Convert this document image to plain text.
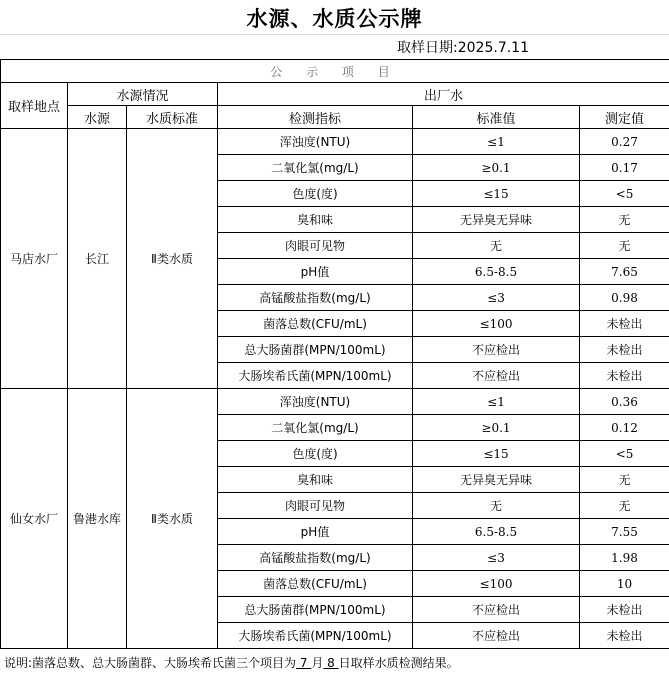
水源、水质公示牌
取样日期:2025.7.11
公 示 项 目					
取样地点	水源情况		出厂水		
	水源	水质标准	检测指标	标准值	测定值
马店水厂	长江	Ⅱ类水质	浑浊度(NTU)	≤1	0.27
			二氧化氯(mg/L)	≥0.1	0.17
			色度(度)	≤15	<5
			臭和味	无异臭无异味	无
			肉眼可见物	无	无
			pH值	6.5-8.5	7.65
			高锰酸盐指数(mg/L)	≤3	0.98
			菌落总数(CFU/mL)	≤100	未检出
			总大肠菌群(MPN/100mL)	不应检出	未检出
			大肠埃希氏菌(MPN/100mL)	不应检出	未检出
仙女水厂	鲁港水库	Ⅱ类水质	浑浊度(NTU)	≤1	0.36
			二氧化氯(mg/L)	≥0.1	0.12
			色度(度)	≤15	<5
			臭和味	无异臭无异味	无
			肉眼可见物	无	无
			pH值	6.5-8.5	7.55
			高锰酸盐指数(mg/L)	≤3	1.98
			菌落总数(CFU/mL)	≤100	10
			总大肠菌群(MPN/100mL)	不应检出	未检出
			大肠埃希氏菌(MPN/100mL)	不应检出	未检出
说明:菌落总数、总大肠菌群、大肠埃希氏菌三个项目为 7 月 8 日取样水质检测结果。
